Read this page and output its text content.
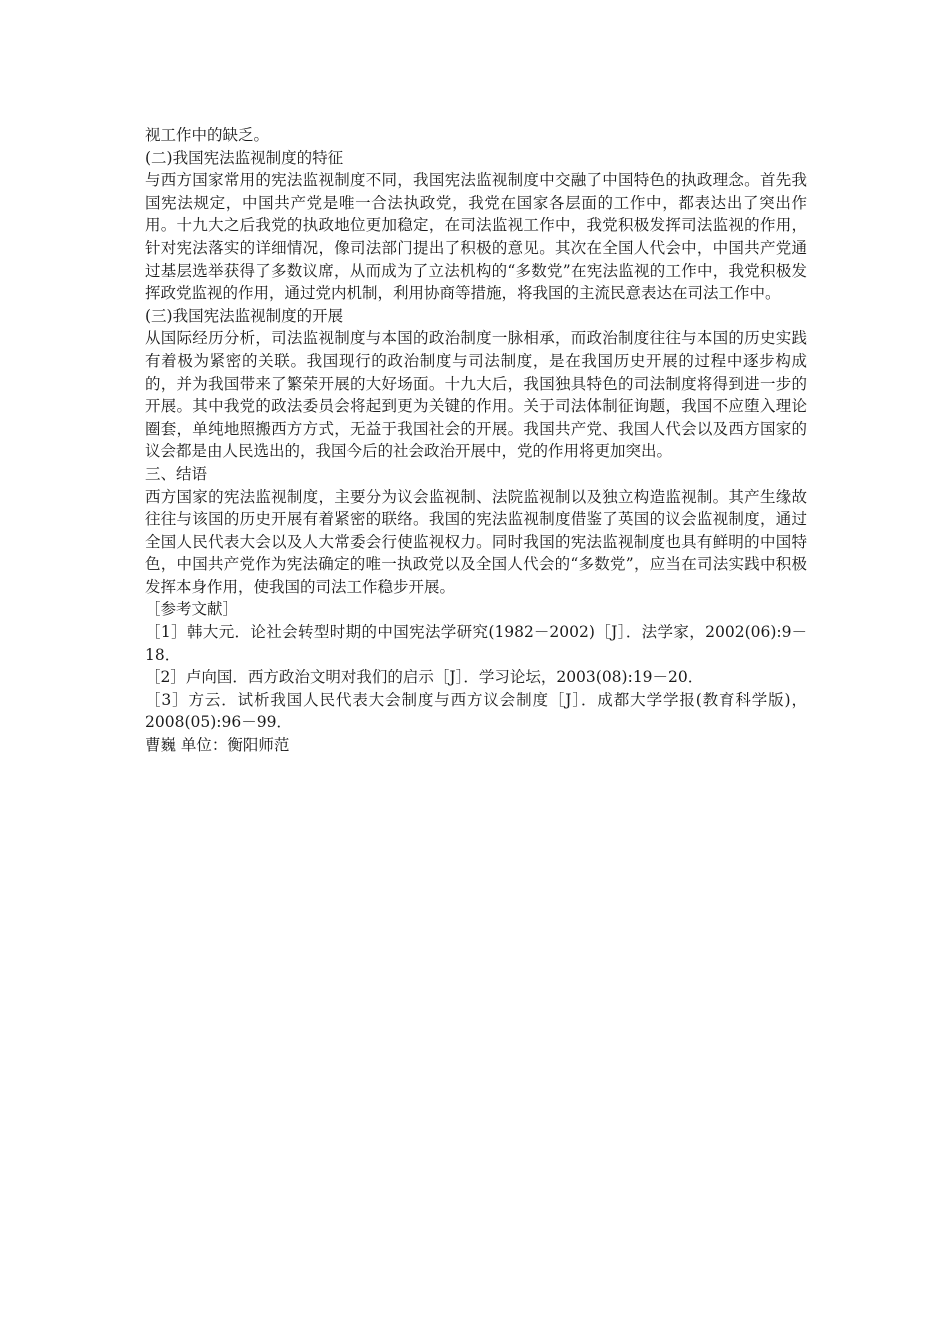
视工作中的缺乏。

(二)我国宪法监视制度的特征

与西方国家常用的宪法监视制度不同，我国宪法监视制度中交融了中国特色的执政理念。首先我国宪法规定，中国共产党是唯一合法执政党，我党在国家各层面的工作中，都表达出了突出作用。十九大之后我党的执政地位更加稳定，在司法监视工作中，我党积极发挥司法监视的作用，针对宪法落实的详细情况，像司法部门提出了积极的意见。其次在全国人代会中，中国共产党通过基层选举获得了多数议席，从而成为了立法机构的“多数党”在宪法监视的工作中，我党积极发挥政党监视的作用，通过党内机制，利用协商等措施，将我国的主流民意表达在司法工作中。

(三)我国宪法监视制度的开展

从国际经历分析，司法监视制度与本国的政治制度一脉相承，而政治制度往往与本国的历史实践有着极为紧密的关联。我国现行的政治制度与司法制度，是在我国历史开展的过程中逐步构成的，并为我国带来了繁荣开展的大好场面。十九大后，我国独具特色的司法制度将得到进一步的开展。其中我党的政法委员会将起到更为关键的作用。关于司法体制征询题，我国不应堕入理论圈套，单纯地照搬西方方式，无益于我国社会的开展。我国共产党、我国人代会以及西方国家的议会都是由人民选出的，我国今后的社会政治开展中，党的作用将更加突出。

三、结语

西方国家的宪法监视制度，主要分为议会监视制、法院监视制以及独立构造监视制。其产生缘故往往与该国的历史开展有着紧密的联络。我国的宪法监视制度借鉴了英国的议会监视制度，通过全国人民代表大会以及人大常委会行使监视权力。同时我国的宪法监视制度也具有鲜明的中国特色，中国共产党作为宪法确定的唯一执政党以及全国人代会的“多数党”，应当在司法实践中积极发挥本身作用，使我国的司法工作稳步开展。

［参考文献］

［1］韩大元．论社会转型时期的中国宪法学研究(1982－2002)［J］．法学家，2002(06):9－18．

［2］卢向国．西方政治文明对我们的启示［J］．学习论坛，2003(08):19－20．

［3］方云．试析我国人民代表大会制度与西方议会制度［J］．成都大学学报(教育科学版)，2008(05):96－99．

曹巍 单位：衡阳师范
